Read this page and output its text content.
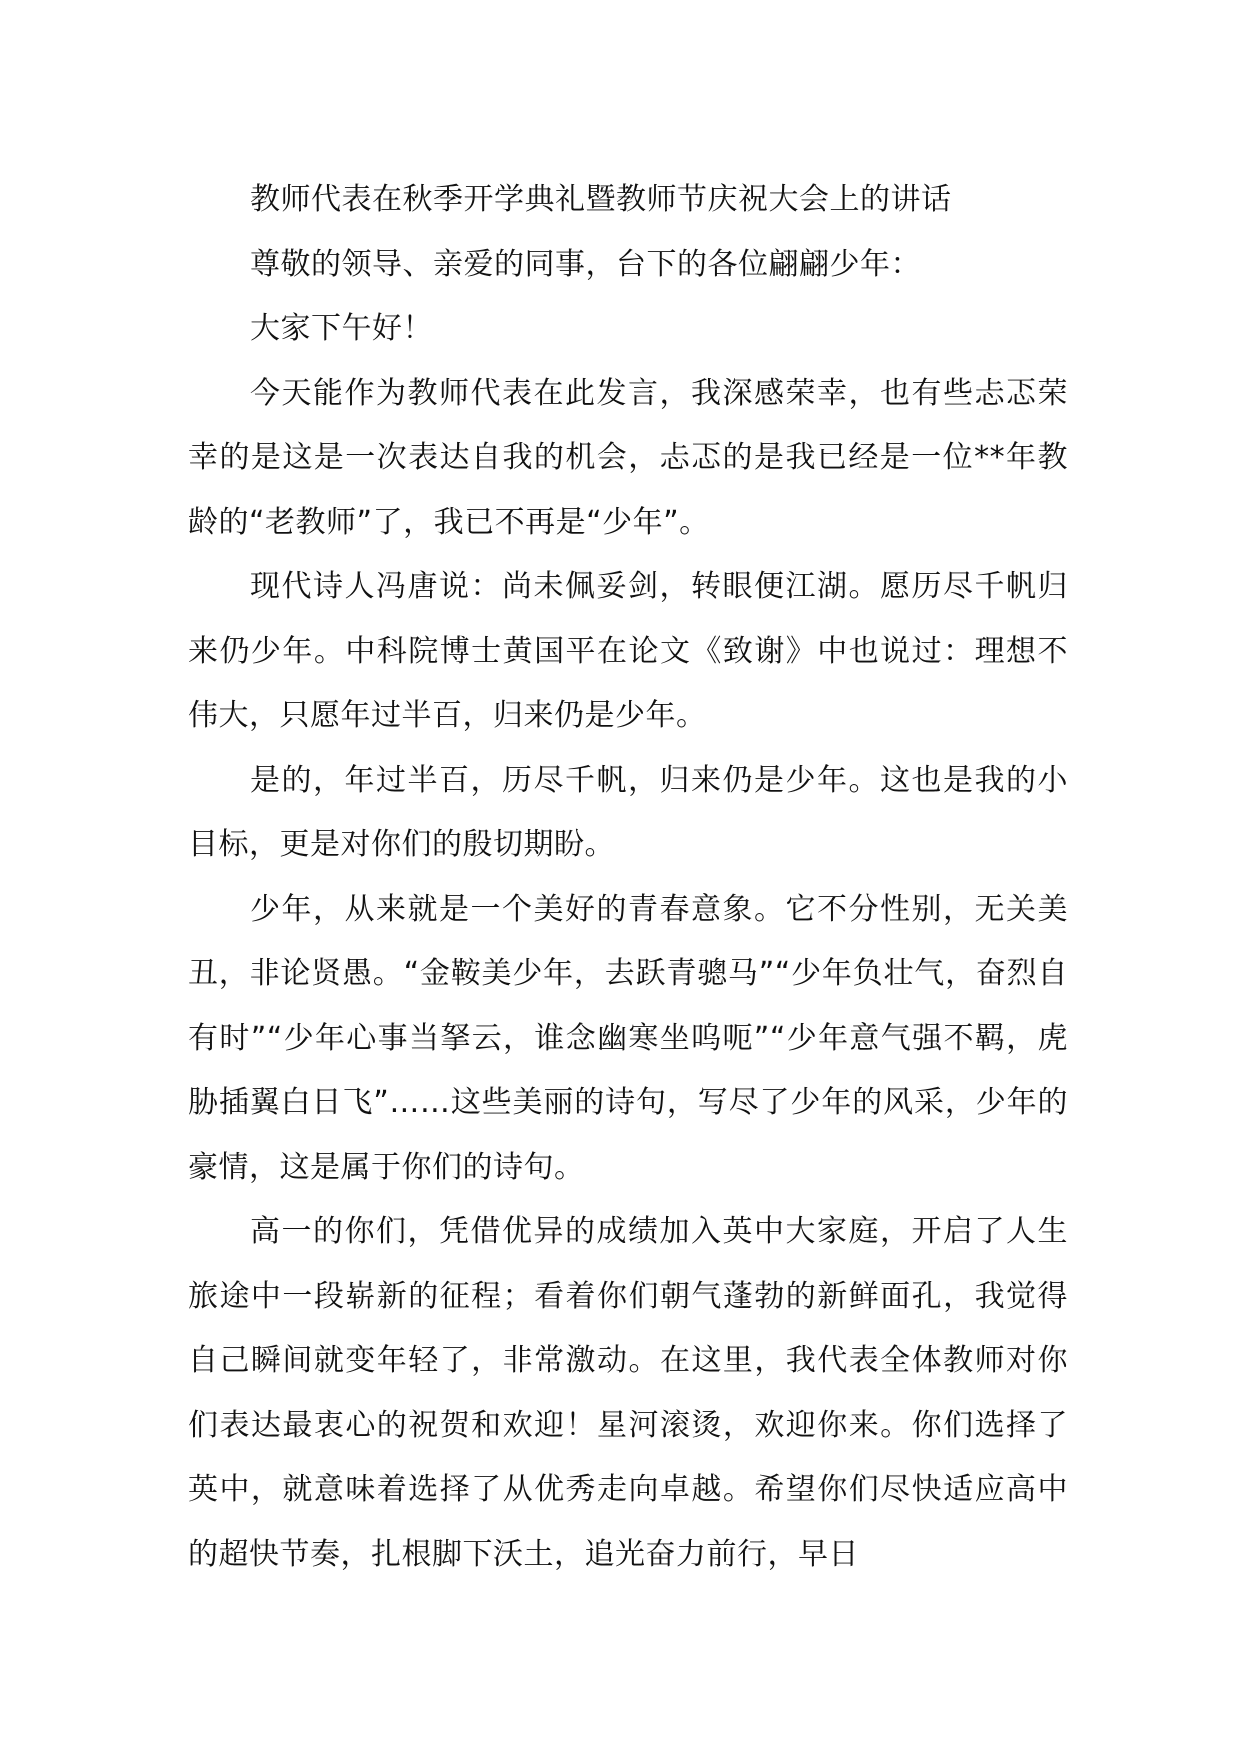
教师代表在秋季开学典礼暨教师节庆祝大会上的讲话

尊敬的领导、亲爱的同事，台下的各位翩翩少年：

大家下午好！

今天能作为教师代表在此发言，我深感荣幸，也有些忐忑荣幸的是这是一次表达自我的机会，忐忑的是我已经是一位**年教龄的“老教师”了，我已不再是“少年”。

现代诗人冯唐说：尚未佩妥剑，转眼便江湖。愿历尽千帆归来仍少年。中科院博士黄国平在论文《致谢》中也说过：理想不伟大，只愿年过半百，归来仍是少年。

是的，年过半百，历尽千帆，归来仍是少年。这也是我的小目标，更是对你们的殷切期盼。

少年，从来就是一个美好的青春意象。它不分性别，无关美丑，非论贤愚。“金鞍美少年，去跃青骢马”“少年负壮气，奋烈自有时”“少年心事当拏云，谁念幽寒坐呜呃”“少年意气强不羁，虎胁插翼白日飞”……这些美丽的诗句，写尽了少年的风采，少年的豪情，这是属于你们的诗句。

高一的你们，凭借优异的成绩加入英中大家庭，开启了人生旅途中一段崭新的征程；看着你们朝气蓬勃的新鲜面孔，我觉得自己瞬间就变年轻了，非常激动。在这里，我代表全体教师对你们表达最衷心的祝贺和欢迎！星河滚烫，欢迎你来。你们选择了英中，就意味着选择了从优秀走向卓越。希望你们尽快适应高中的超快节奏，扎根脚下沃土，追光奋力前行，早日
